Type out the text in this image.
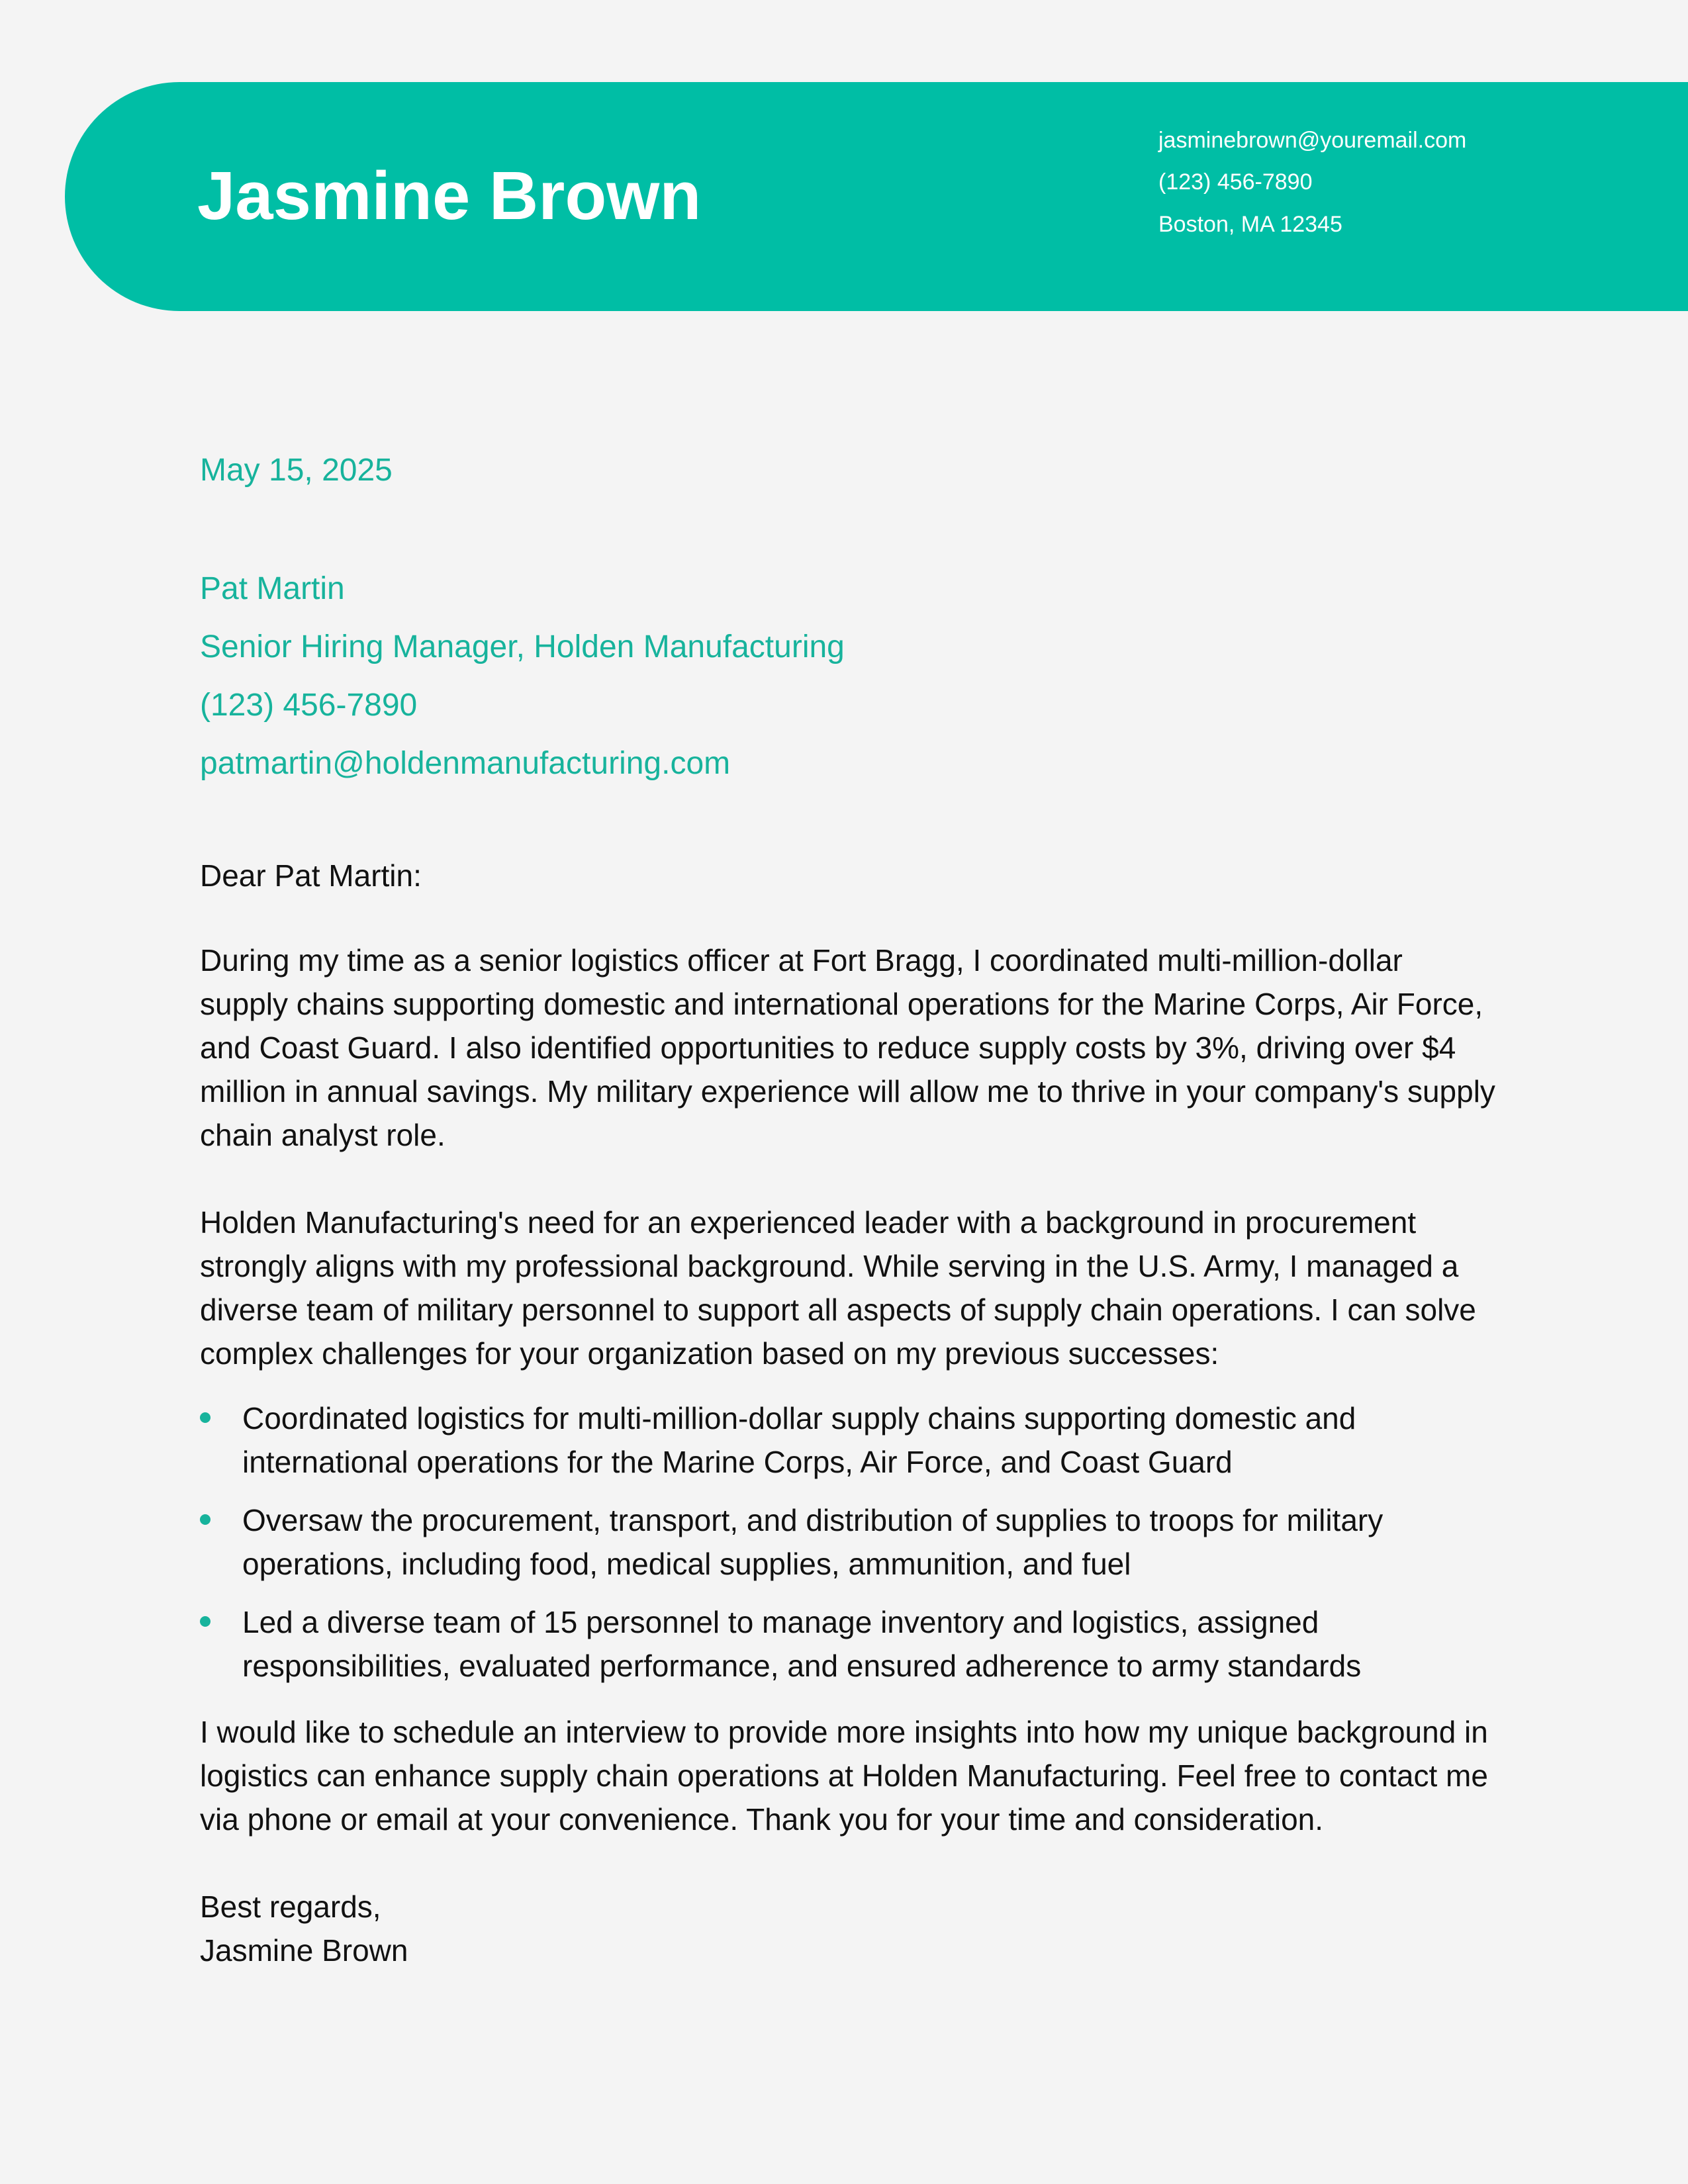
Jasmine Brown
jasminebrown@youremail.com
(123) 456-7890
Boston, MA 12345

May 15, 2025

Pat Martin
Senior Hiring Manager, Holden Manufacturing
(123) 456-7890
patmartin@holdenmanufacturing.com

Dear Pat Martin:

During my time as a senior logistics officer at Fort Bragg, I coordinated multi-million-dollar supply chains supporting domestic and international operations for the Marine Corps, Air Force, and Coast Guard. I also identified opportunities to reduce supply costs by 3%, driving over $4 million in annual savings. My military experience will allow me to thrive in your company's supply chain analyst role.

Holden Manufacturing's need for an experienced leader with a background in procurement strongly aligns with my professional background. While serving in the U.S. Army, I managed a diverse team of military personnel to support all aspects of supply chain operations. I can solve complex challenges for your organization based on my previous successes:

Coordinated logistics for multi-million-dollar supply chains supporting domestic and international operations for the Marine Corps, Air Force, and Coast Guard
Oversaw the procurement, transport, and distribution of supplies to troops for military operations, including food, medical supplies, ammunition, and fuel
Led a diverse team of 15 personnel to manage inventory and logistics, assigned responsibilities, evaluated performance, and ensured adherence to army standards

I would like to schedule an interview to provide more insights into how my unique background in logistics can enhance supply chain operations at Holden Manufacturing. Feel free to contact me via phone or email at your convenience. Thank you for your time and consideration.

Best regards,
Jasmine Brown
